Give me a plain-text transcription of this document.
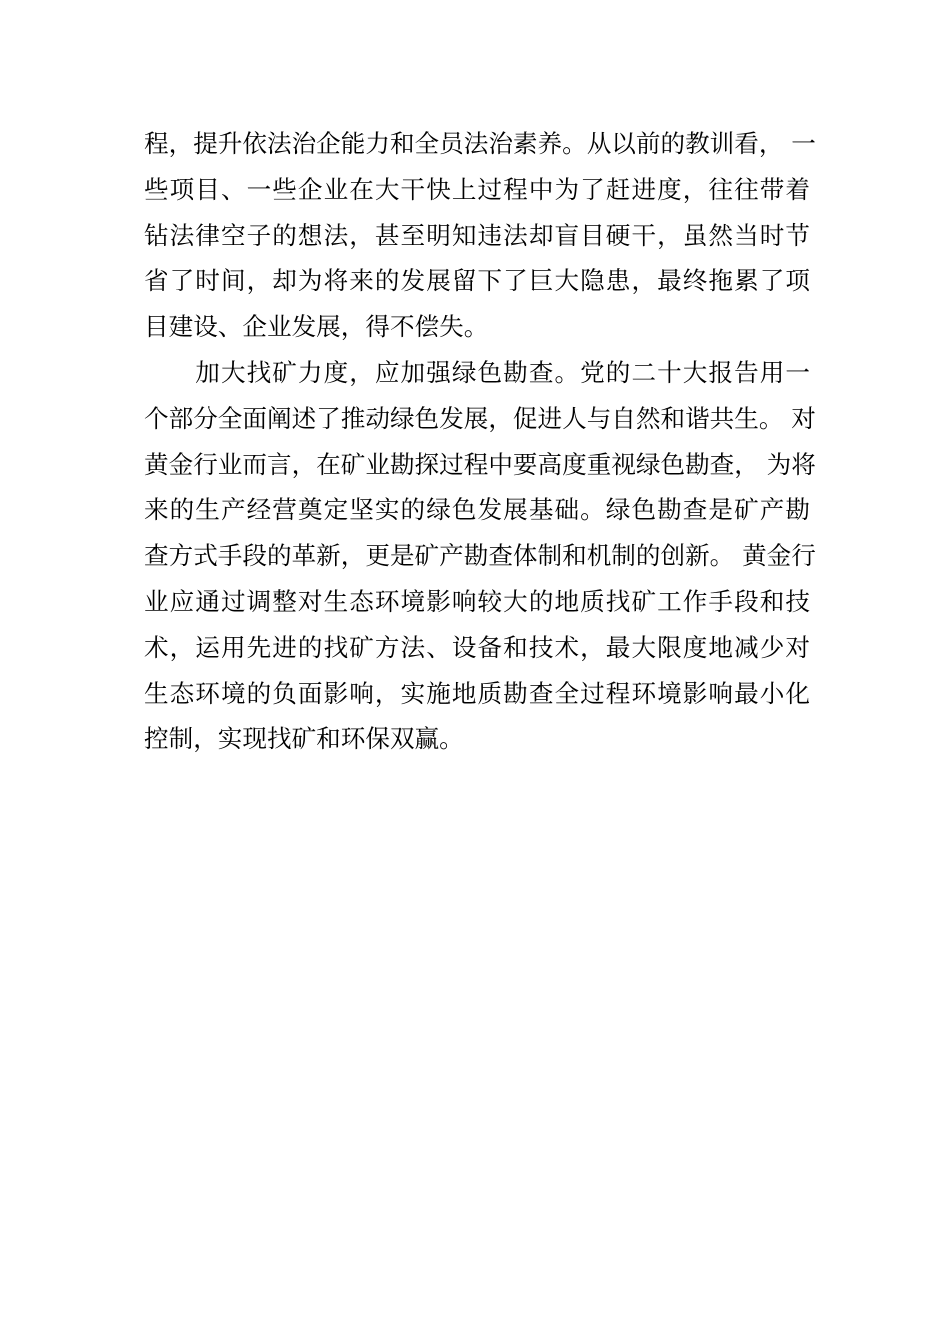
程，提升依法治企能力和全员法治素养。从以前的教训看， 一
些项目、一些企业在大干快上过程中为了赶进度，往往带着
钻法律空子的想法，甚至明知违法却盲目硬干，虽然当时节
省了时间，却为将来的发展留下了巨大隐患，最终拖累了项
目建设、企业发展，得不偿失。
　　加大找矿力度，应加强绿色勘查。党的二十大报告用一
个部分全面阐述了推动绿色发展，促进人与自然和谐共生。 对
黄金行业而言，在矿业勘探过程中要高度重视绿色勘查， 为将
来的生产经营奠定坚实的绿色发展基础。绿色勘查是矿产勘
查方式手段的革新，更是矿产勘查体制和机制的创新。 黄金行
业应通过调整对生态环境影响较大的地质找矿工作手段和技
术，运用先进的找矿方法、设备和技术，最大限度地减少对
生态环境的负面影响，实施地质勘查全过程环境影响最小化
控制，实现找矿和环保双赢。
